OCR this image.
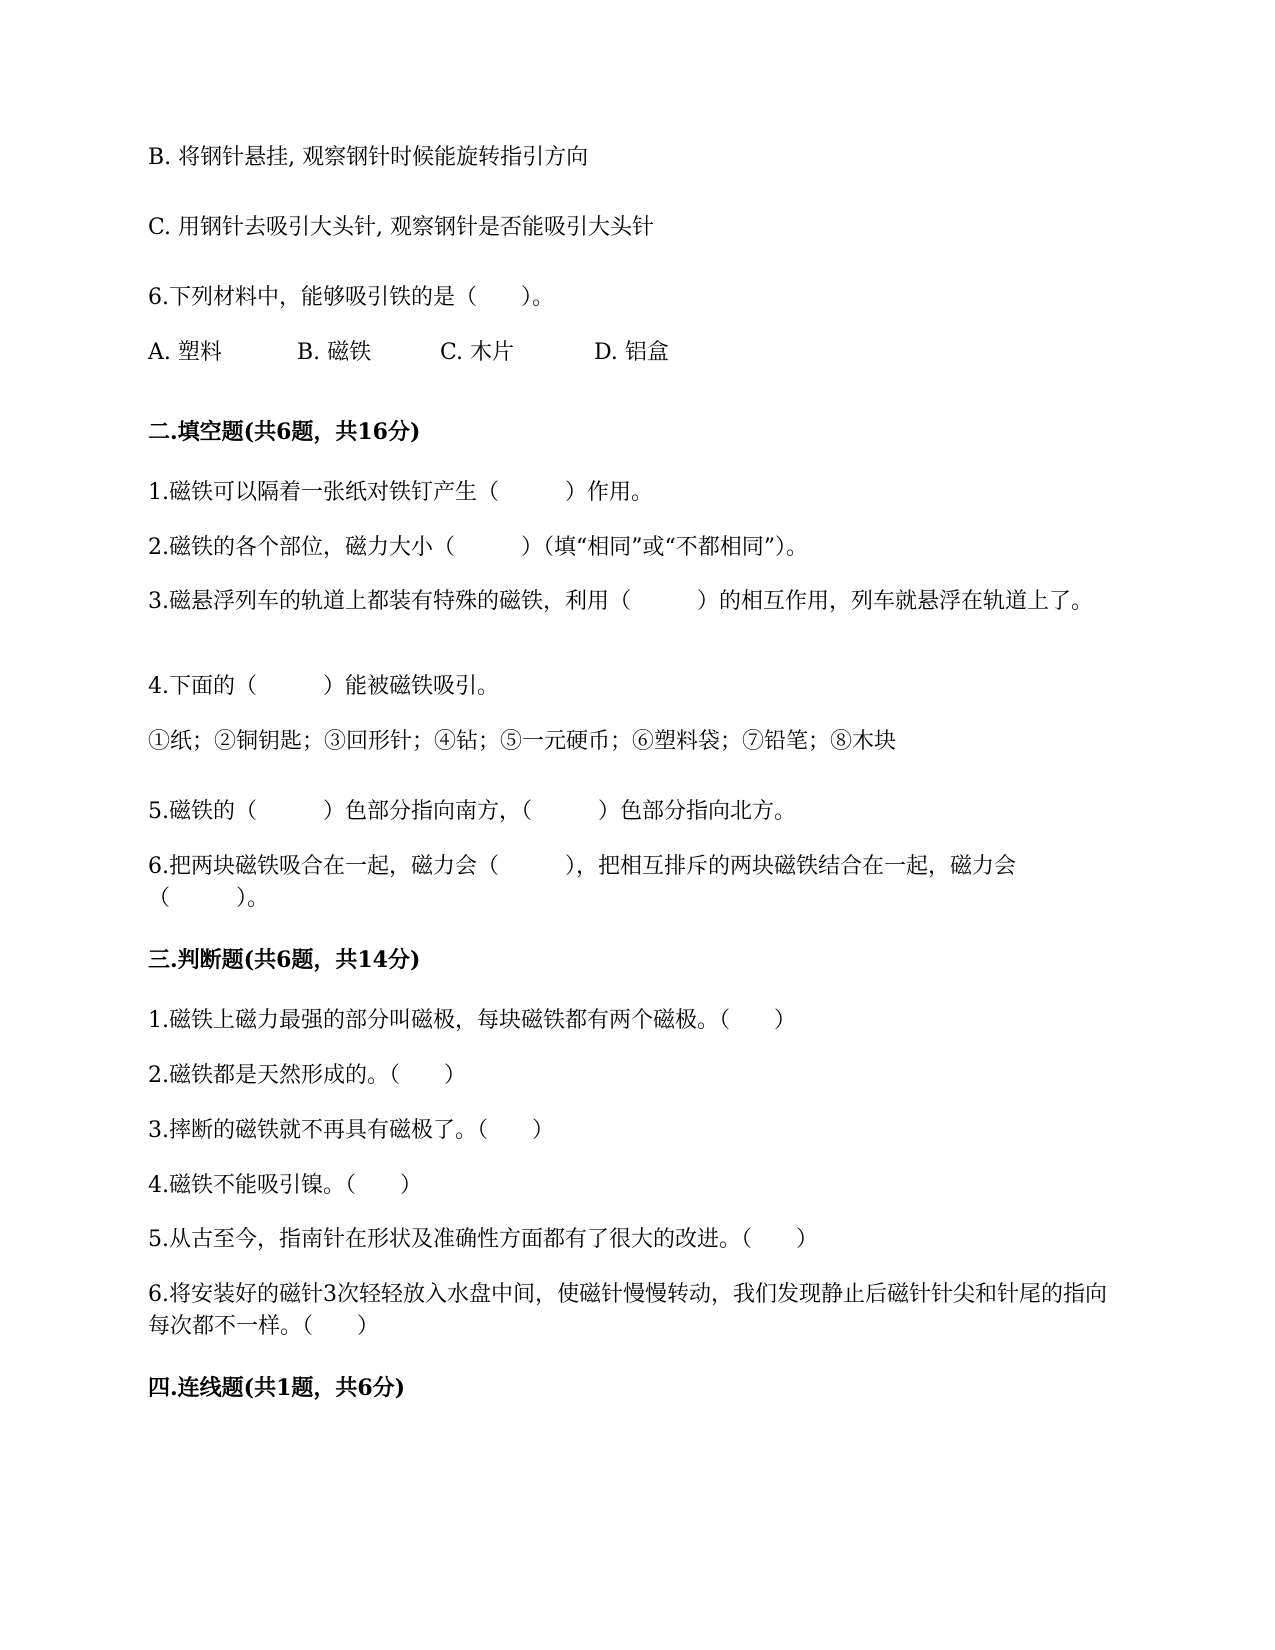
B. 将钢针悬挂, 观察钢针时候能旋转指引方向
C. 用钢针去吸引大头针, 观察钢针是否能吸引大头针
6.下列材料中，能够吸引铁的是（　　）。
A. 塑料	B. 磁铁	C. 木片	D. 铝盒
二.填空题(共6题，共16分)
1.磁铁可以隔着一张纸对铁钉产生（　　　）作用。
2.磁铁的各个部位，磁力大小（　　　）（填“相同”或“不都相同”）。
3.磁悬浮列车的轨道上都装有特殊的磁铁，利用（　　　）的相互作用，列车就悬浮在轨道上了。
4.下面的（　　　）能被磁铁吸引。
①纸；②铜钥匙；③回形针；④钻；⑤一元硬币；⑥塑料袋；⑦铅笔；⑧木块
5.磁铁的（　　　）色部分指向南方，（　　　）色部分指向北方。
6.把两块磁铁吸合在一起，磁力会（　　　），把相互排斥的两块磁铁结合在一起，磁力会（　　　）。
三.判断题(共6题，共14分)
1.磁铁上磁力最强的部分叫磁极，每块磁铁都有两个磁极。（　　）
2.磁铁都是天然形成的。（　　）
3.摔断的磁铁就不再具有磁极了。（　　）
4.磁铁不能吸引镍。（　　）
5.从古至今，指南针在形状及准确性方面都有了很大的改进。（　　）
6.将安装好的磁针3次轻轻放入水盘中间，使磁针慢慢转动，我们发现静止后磁针针尖和针尾的指向每次都不一样。（　　）
四.连线题(共1题，共6分)
